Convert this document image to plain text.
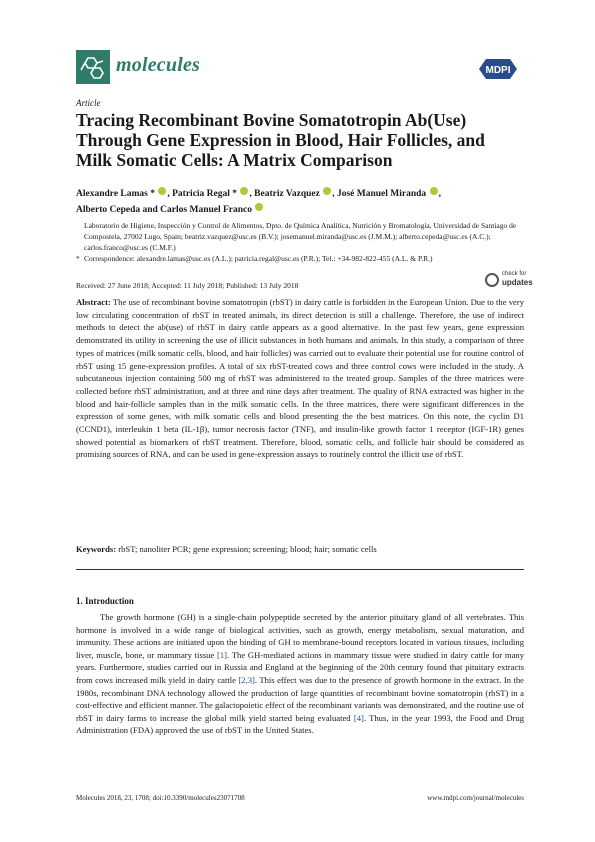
molecules	MDPI
Article
Tracing Recombinant Bovine Somatotropin Ab(Use) Through Gene Expression in Blood, Hair Follicles, and Milk Somatic Cells: A Matrix Comparison
Alexandre Lamas * , Patricia Regal * , Beatriz Vazquez , José Manuel Miranda ,
Alberto Cepeda and Carlos Manuel Franco
Laboratorio de Higiene, Inspección y Control de Alimentos, Dpto. de Química Analítica, Nutrición y Bromatología, Universidad de Santiago de Compostela, 27002 Lugo, Spain; beatriz.vazquez@usc.es (B.V.); josemanuel.miranda@usc.es (J.M.M.); alberto.cepeda@usc.es (A.C.); carlos.franco@usc.es (C.M.F.)
* Correspondence: alexandre.lamas@usc.es (A.L.); patricia.regal@usc.es (P.R.); Tel.: +34-982-822-455 (A.L. & P.R.)
Received: 27 June 2018; Accepted: 11 July 2018; Published: 13 July 2018
check for
updates

Abstract: The use of recombinant bovine somatotropin (rbST) in dairy cattle is forbidden in the European Union. Due to the very low circulating concentration of rbST in treated animals, its direct detection is still a challenge. Therefore, the use of indirect methods to detect the ab(use) of rbST in dairy cattle appears as a good alternative. In the past few years, gene expression demonstrated its utility in screening the use of illicit substances in both humans and animals. In this study, a comparison of three types of matrices (milk somatic cells, blood, and hair follicles) was carried out to evaluate their potential use for routine control of rbST using 15 gene-expression profiles. A total of six rbST-treated cows and three control cows were included in the study. A subcutaneous injection containing 500 mg of rbST was administered to the treated group. Samples of the three matrices were collected before rbST administration, and at three and nine days after treatment. The quality of RNA extracted was higher in the blood and hair-follicle samples than in the milk somatic cells. In the three matrices, there were significant differences in the expression of some genes, with milk somatic cells and blood presenting the the best matrices. On this note, the cyclin D1 (CCND1), interleukin 1 beta (IL-1β), tumor necrosis factor (TNF), and insulin-like growth factor 1 receptor (IGF-1R) genes showed potential as biomarkers of rbST treatment. Therefore, blood, somatic cells, and follicle hair should be considered as promising sources of RNA, and can be used in gene-expression assays to routinely control the illicit use of rbST.

Keywords: rbST; nanoliter PCR; gene expression; screening; blood; hair; somatic cells
1. Introduction

The growth hormone (GH) is a single-chain polypeptide secreted by the anterior pituitary gland of all vertebrates. This hormone is involved in a wide range of biological activities, such as growth, energy metabolism, sexual maturation, and immunity. These actions are initiated upon the binding of GH to membrane-bound receptors located in various tissues, including liver, muscle, bone, or mammary tissue [1]. The GH-mediated actions in mammary tissue were studied in dairy cattle for many years. Furthermore, studies carried out in Russia and England at the beginning of the 20th century found that pituitary extracts from cows increased milk yield in dairy cattle [2,3]. This effect was due to the presence of growth hormone in the extract. In the 1980s, recombinant DNA technology allowed the production of large quantities of recombinant bovine somatotropin (rbST) in a cost-effective and efficient manner. The galactopoietic effect of the recombinant variants was demonstrated, and the routine use of rbST in dairy farms to increase the global milk yield started being evaluated [4]. Thus, in the year 1993, the Food and Drug Administration (FDA) approved the use of rbST in the United States.

Molecules 2018, 23, 1708; doi:10.3390/molecules23071708	www.mdpi.com/journal/molecules
